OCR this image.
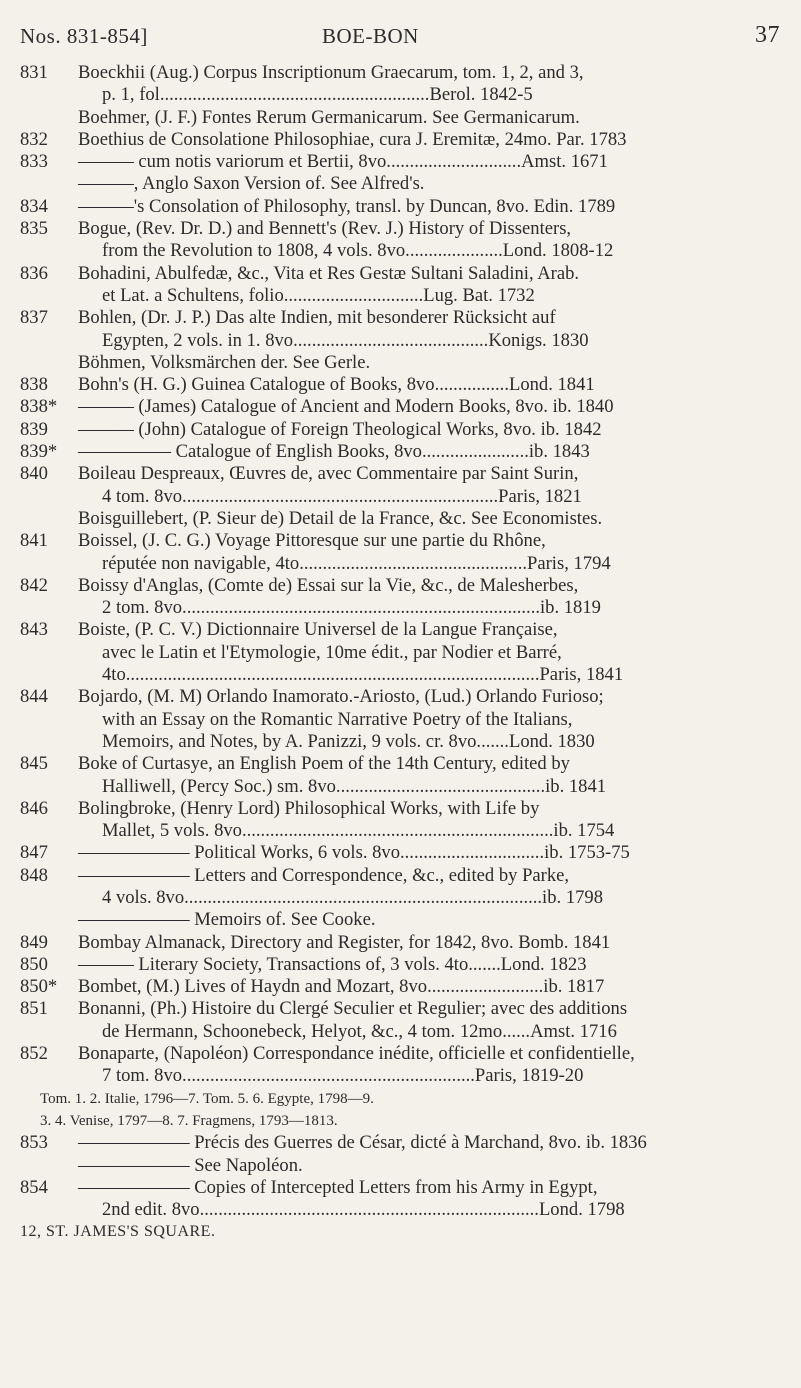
Nos. 831-854]	BOE-BON	37
831	Boeckhii (Aug.) Corpus Inscriptionum Graecarum, tom. 1, 2, and 3,
p. 1, fol..........................................................Berol. 1842-5
Boehmer, (J. F.) Fontes Rerum Germanicarum. See Germanicarum.
832	Boethius de Consolatione Philosophiae, cura J. Eremitæ, 24mo. Par. 1783
833	——— cum notis variorum et Bertii, 8vo.............................Amst. 1671
———, Anglo Saxon Version of. See Alfred's.
834	———'s Consolation of Philosophy, transl. by Duncan, 8vo. Edin. 1789
835	Bogue, (Rev. Dr. D.) and Bennett's (Rev. J.) History of Dissenters,
from the Revolution to 1808, 4 vols. 8vo.....................Lond. 1808-12
836	Bohadini, Abulfedæ, &c., Vita et Res Gestæ Sultani Saladini, Arab.
et Lat. a Schultens, folio..............................Lug. Bat. 1732
837	Bohlen, (Dr. J. P.) Das alte Indien, mit besonderer Rücksicht auf
Egypten, 2 vols. in 1. 8vo..........................................Konigs. 1830
Böhmen, Volksmärchen der. See Gerle.
838	Bohn's (H. G.) Guinea Catalogue of Books, 8vo................Lond. 1841
838*	——— (James) Catalogue of Ancient and Modern Books, 8vo. ib. 1840
839	——— (John) Catalogue of Foreign Theological Works, 8vo. ib. 1842
839*	————— Catalogue of English Books, 8vo.......................ib. 1843
840	Boileau Despreaux, Œuvres de, avec Commentaire par Saint Surin,
4 tom. 8vo....................................................................Paris, 1821
Boisguillebert, (P. Sieur de) Detail de la France, &c. See Economistes.
841	Boissel, (J. C. G.) Voyage Pittoresque sur une partie du Rhône,
réputée non navigable, 4to.................................................Paris, 1794
842	Boissy d'Anglas, (Comte de) Essai sur la Vie, &c., de Malesherbes,
2 tom. 8vo.............................................................................ib. 1819
843	Boiste, (P. C. V.) Dictionnaire Universel de la Langue Française,
avec le Latin et l'Etymologie, 10me édit., par Nodier et Barré,
4to.........................................................................................Paris, 1841
844	Bojardo, (M. M) Orlando Inamorato.-Ariosto, (Lud.) Orlando Furioso;
with an Essay on the Romantic Narrative Poetry of the Italians,
Memoirs, and Notes, by A. Panizzi, 9 vols. cr. 8vo.......Lond. 1830
845	Boke of Curtasye, an English Poem of the 14th Century, edited by
Halliwell, (Percy Soc.) sm. 8vo.............................................ib. 1841
846	Bolingbroke, (Henry Lord) Philosophical Works, with Life by
Mallet, 5 vols. 8vo...................................................................ib. 1754
847	—————— Political Works, 6 vols. 8vo...............................ib. 1753-75
848	—————— Letters and Correspondence, &c., edited by Parke,
4 vols. 8vo.............................................................................ib. 1798
—————— Memoirs of. See Cooke.
849	Bombay Almanack, Directory and Register, for 1842, 8vo. Bomb. 1841
850	——— Literary Society, Transactions of, 3 vols. 4to.......Lond. 1823
850*	Bombet, (M.) Lives of Haydn and Mozart, 8vo.........................ib. 1817
851	Bonanni, (Ph.) Histoire du Clergé Seculier et Regulier; avec des additions
de Hermann, Schoonebeck, Helyot, &c., 4 tom. 12mo......Amst. 1716
852	Bonaparte, (Napoléon) Correspondance inédite, officielle et confidentielle,
7 tom. 8vo...............................................................Paris, 1819-20
Tom. 1. 2. Italie, 1796—7. Tom. 5. 6. Egypte, 1798—9.
3. 4. Venise, 1797—8. 7. Fragmens, 1793—1813.
853	—————— Précis des Guerres de César, dicté à Marchand, 8vo. ib. 1836
—————— See Napoléon.
854	—————— Copies of Intercepted Letters from his Army in Egypt,
2nd edit. 8vo.........................................................................Lond. 1798
12, ST. JAMES'S SQUARE.
